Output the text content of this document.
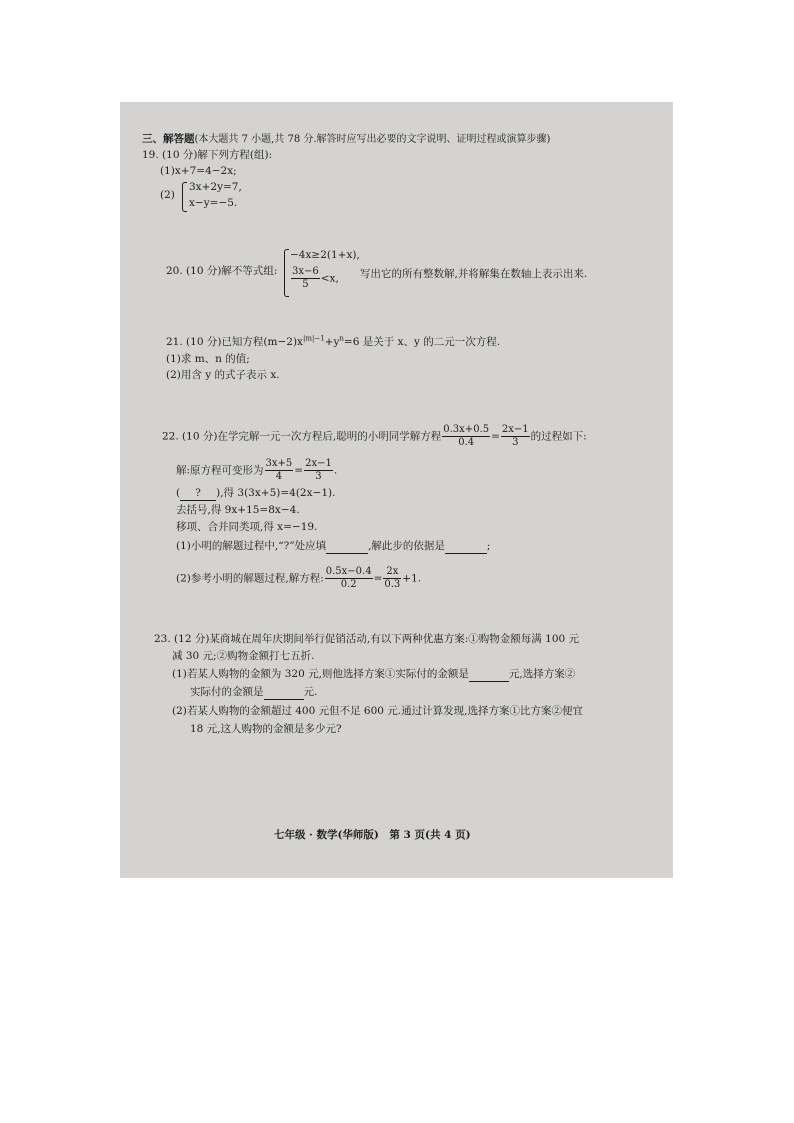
三、解答题(本大题共 7 小题,共 78 分.解答时应写出必要的文字说明、证明过程或演算步骤)
19. (10 分)解下列方程(组):
(1)x+7=4−2x;
(2)
3x+2y=7,
x−y=−5.
20. (10 分)解不等式组:
−4x≥2(1+x),
$\frac{3x-6}{5} <x$, 写出它的所有整数解,并将解集在数轴上表示出来.
21. (10 分)已知方程$(m-2)x^{|m|-1}+y^n=6$ 是关于 x、y 的二元一次方程.
(1)求 m、n 的值;
(2)用含 y 的式子表示 x.
22. (10 分)在学完解一元一次方程后,聪明的小明同学解方程 $\frac{0.3x+0.5}{0.4} = \frac{2x-1}{3}$ 的过程如下:
解:原方程可变形为 $\frac{3x+5}{4} = \frac{2x-1}{3}$ .
( ? ),得 3(3x+5)=4(2x−1).
去括号,得 9x+15=8x−4.
移项、合并同类项,得 x=−19.
(1)小明的解题过程中,“?”处应填	,解此步的依据是	;
(2)参考小明的解题过程,解方程: $\frac{0.5x-0.4}{0.2} = \frac{2x}{0.3} +1$.
23. (12 分)某商城在周年庆期间举行促销活动,有以下两种优惠方案:①购物金额每满 100 元
减 30 元;②购物金额打七五折.
(1)若某人购物的金额为 320 元,则他选择方案①实际付的金额是	元,选择方案②
实际付的金额是	元.
(2)若某人购物的金额超过 400 元但不足 600 元.通过计算发现,选择方案①比方案②便宜
18 元,这人购物的金额是多少元?
七年级 · 数学(华师版)　第 3 页(共 4 页)
